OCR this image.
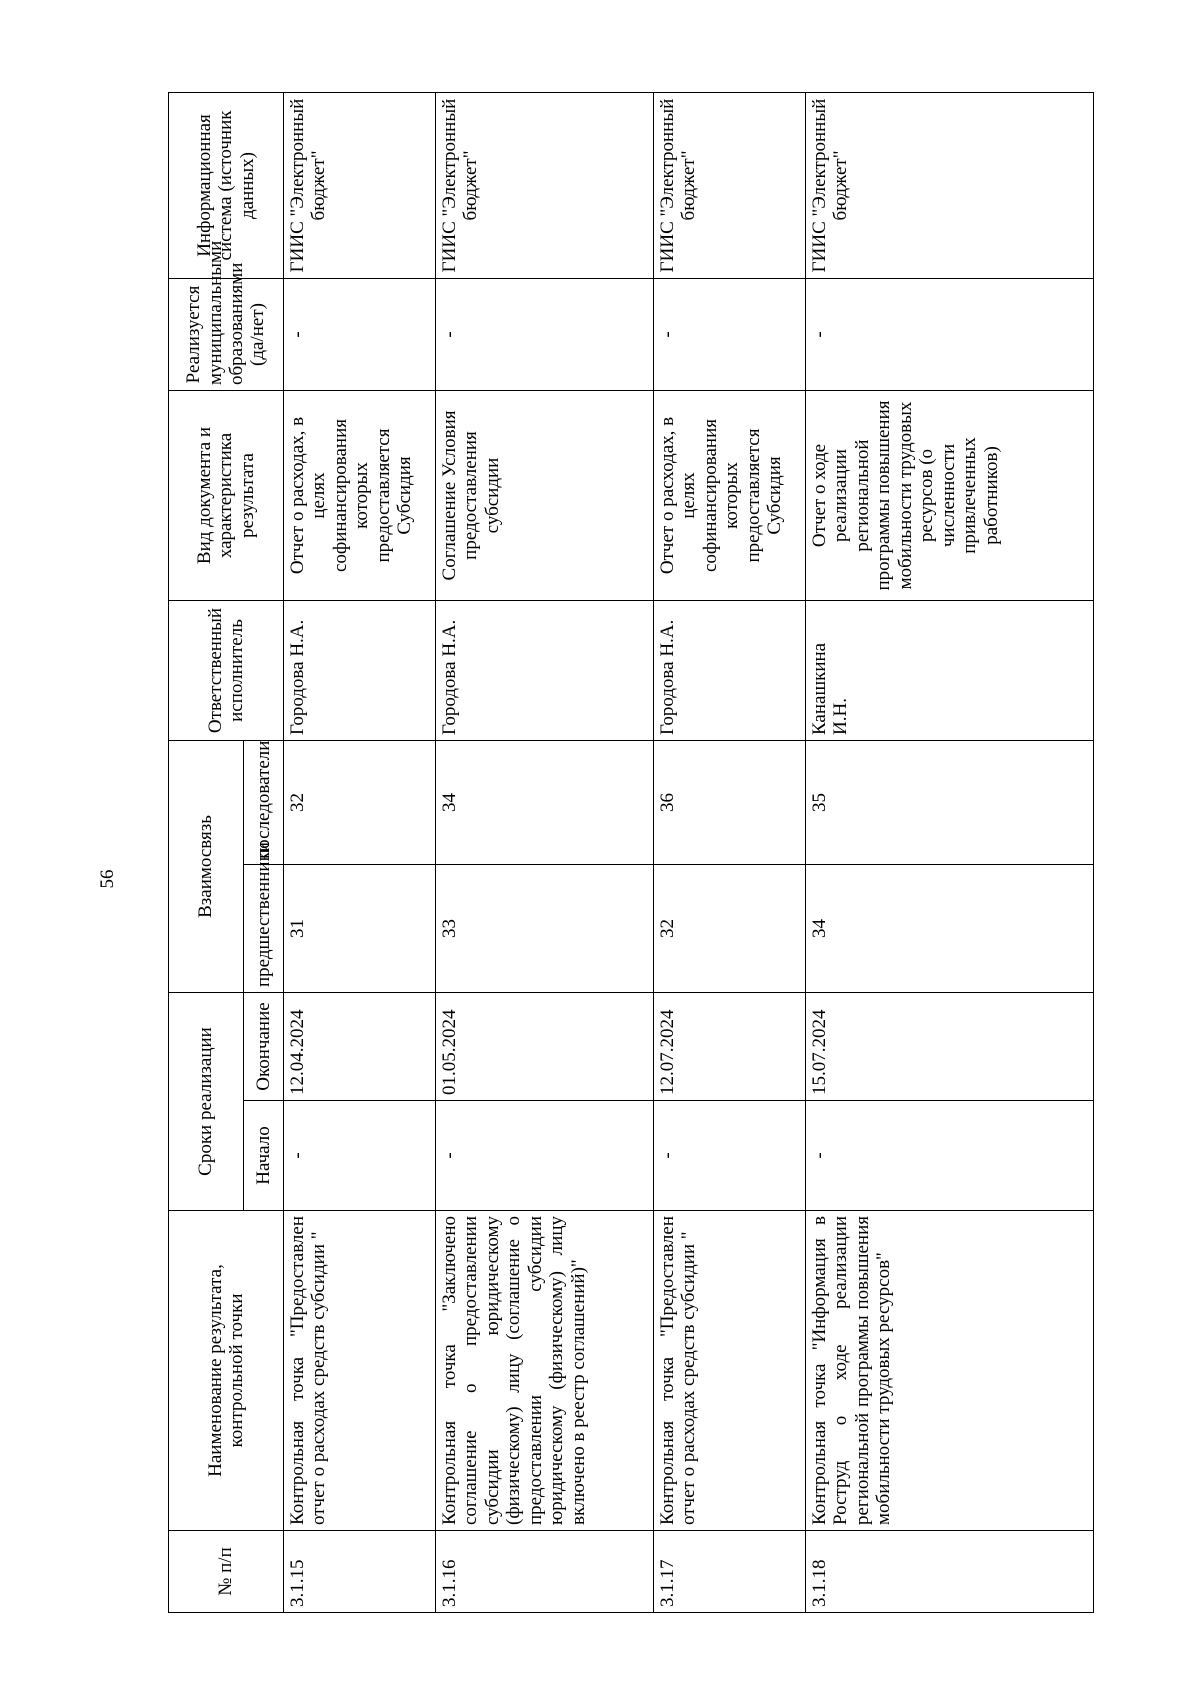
56
№ п/п	Наименование результата, контрольной точки	Сроки реализации		Взаимосвязь		Ответственный исполнитель	Вид документа и характеристика результата	Реализуется муниципальными образованиями (да/нет)	Информационная система (источник данных)
		Начало	Окончание	предшественники	последователи				
3.1.15	Контрольная точка "Предоставлен отчет о расходах средств субсидии "	-	12.04.2024	31	32	Городова Н.А.	Отчет о расходах, в целях софинансирования которых предоставляется Субсидия	-	ГИИС "Электронный бюджет"
3.1.16	Контрольная точка "Заключено соглашение о предоставлении субсидии юридическому (физическому) лицу (соглашение о предоставлении субсидии юридическому (физическому) лицу включено в реестр соглашений)"	-	01.05.2024	33	34	Городова Н.А.	Соглашение Условия предоставления субсидии	-	ГИИС "Электронный бюджет"
3.1.17	Контрольная точка "Предоставлен отчет о расходах средств субсидии "	-	12.07.2024	32	36	Городова Н.А.	Отчет о расходах, в целях софинансирования которых предоставляется Субсидия	-	ГИИС "Электронный бюджет"
3.1.18	Контрольная точка "Информация в Роструд о ходе реализации региональной программы повышения мобильности трудовых ресурсов"	-	15.07.2024	34	35	Канашкина И.Н.	Отчет о ходе реализации региональной программы повышения мобильности трудовых ресурсов (о численности привлеченных работников)	-	ГИИС "Электронный бюджет"
